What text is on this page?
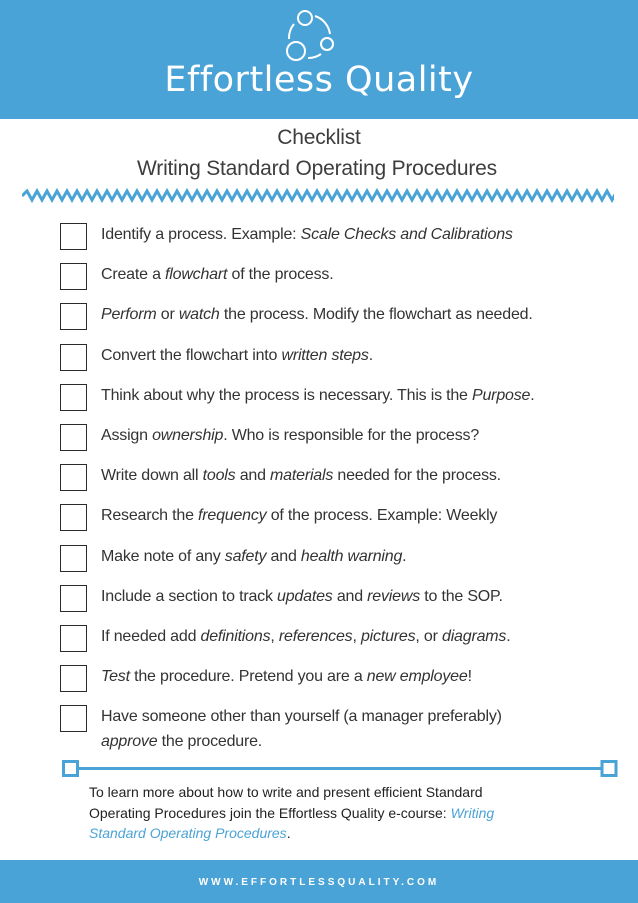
Effortless Quality
Checklist
Writing Standard Operating Procedures
Identify a process. Example: Scale Checks and Calibrations
Create a flowchart of the process.
Perform or watch the process. Modify the flowchart as needed.
Convert the flowchart into written steps.
Think about why the process is necessary. This is the Purpose.
Assign ownership. Who is responsible for the process?
Write down all tools and materials needed for the process.
Research the frequency of the process. Example: Weekly
Make note of any safety and health warning.
Include a section to track updates and reviews to the SOP.
If needed add definitions, references, pictures, or diagrams.
Test the procedure. Pretend you are a new employee!
Have someone other than yourself (a manager preferably)
approve the procedure.
To learn more about how to write and present efficient Standard
Operating Procedures join the Effortless Quality e-course: Writing
Standard Operating Procedures.
WWW.EFFORTLESSQUALITY.COM
